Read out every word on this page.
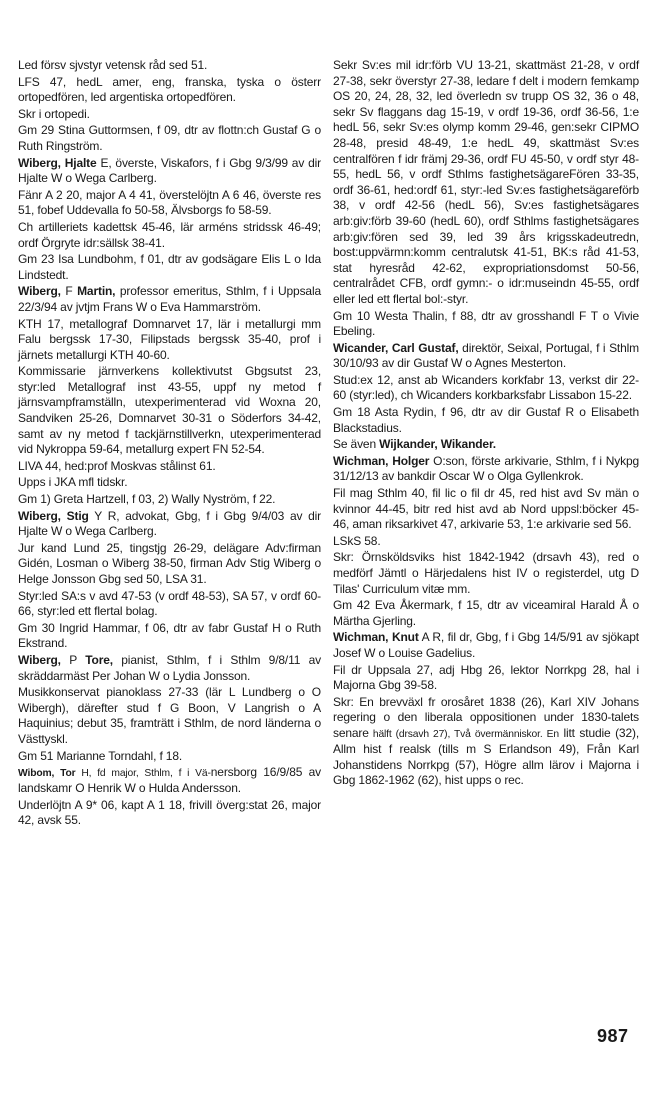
Led försv sjvstyr vetensk råd sed 51.

LFS 47, hedL amer, eng, franska, tyska o österr ortopedfören, led argentiska ortopedfören.

Skr i ortopedi.

Gm 29 Stina Guttormsen, f 09, dtr av flottn:ch Gustaf G o Ruth Ringström.

Wiberg, Hjalte E, överste, Viskafors, f i Gbg 9/3/99 av dir Hjalte W o Wega Carlberg.

Fänr A 2 20, major A 4 41, överstelöjtn A 6 46, överste res 51, fobef Uddevalla fo 50-58, Älvsborgs fo 58-59.

Ch artilleriets kadettsk 45-46, lär arméns stridssk 46-49; ordf Örgryte idr:sällsk 38-41.

Gm 23 Isa Lundbohm, f 01, dtr av godsägare Elis L o Ida Lindstedt.

Wiberg, F Martin, professor emeritus, Sthlm, f i Uppsala 22/3/94 av jvtjm Frans W o Eva Hammarström.

KTH 17, metallograf Domnarvet 17, lär i metallurgi mm Falu bergssk 17-30, Filipstads bergssk 35-40, prof i järnets metallurgi KTH 40-60.

Kommissarie järnverkens kollektivutst Gbgsutst 23, styr:led Metallograf inst 43-55, uppf ny metod f järnsvampframställn, utexperimenterad vid Woxna 20, Sandviken 25-26, Domnarvet 30-31 o Söderfors 34-42, samt av ny metod f tackjärnstillverkn, utexperimenterad vid Nykroppa 59-64, metallurg expert FN 52-54.

LIVA 44, hed:prof Moskvas stålinst 61.

Upps i JKA mfl tidskr.

Gm 1) Greta Hartzell, f 03, 2) Wally Nyström, f 22.

Wiberg, Stig Y R, advokat, Gbg, f i Gbg 9/4/03 av dir Hjalte W o Wega Carlberg.

Jur kand Lund 25, tingstjg 26-29, delägare Adv:firman Gidén, Losman o Wiberg 38-50, firman Adv Stig Wiberg o Helge Jonsson Gbg sed 50, LSA 31.

Styr:led SA:s v avd 47-53 (v ordf 48-53), SA 57, v ordf 60-66, styr:led ett flertal bolag.

Gm 30 Ingrid Hammar, f 06, dtr av fabr Gustaf H o Ruth Ekstrand.

Wiberg, P Tore, pianist, Sthlm, f i Sthlm 9/8/11 av skräddarmäst Per Johan W o Lydia Jonsson.

Musikkonservat pianoklass 27-33 (lär L Lundberg o O Wibergh), därefter stud f G Boon, V Langrish o A Haquinius; debut 35, framträtt i Sthlm, de nord länderna o Västtyskl.

Gm 51 Marianne Torndahl, f 18.

Wibom, Tor H, fd major, Sthlm, f i Vä-nersborg 16/9/85 av landskamr O Henrik W o Hulda Andersson.

Underlöjtn A 9* 06, kapt A 1 18, frivill överg:stat 26, major 42, avsk 55.

Sekr Sv:es mil idr:förb VU 13-21, skattmäst 21-28, v ordf 27-38, sekr överstyr 27-38, ledare f delt i modern femkamp OS 20, 24, 28, 32, led överledn sv trupp OS 32, 36 o 48, sekr Sv flaggans dag 15-19, v ordf 19-36, ordf 36-56, 1:e hedL 56, sekr Sv:es olymp komm 29-46, gen:sekr CIPMO 28-48, presid 48-49, 1:e hedL 49, skattmäst Sv:es centralfören f idr främj 29-36, ordf FU 45-50, v ordf styr 48-55, hedL 56, v ordf Sthlms fastighetsägareFören 33-35, ordf 36-61, hed:ordf 61, styr:-led Sv:es fastighetsägareförb 38, v ordf 42-56 (hedL 56), Sv:es fastighetsägares arb:giv:förb 39-60 (hedL 60), ordf Sthlms fastighetsägares arb:giv:fören sed 39, led 39 års krigsskadeutredn, bost:uppvärmn:komm centralutsk 41-51, BK:s råd 41-53, stat hyresråd 42-62, expropriationsdomst 50-56, centralrådet CFB, ordf gymn:- o idr:museindn 45-55, ordf eller led ett flertal bol:-styr.

Gm 10 Westa Thalin, f 88, dtr av grosshandl F T o Vivie Ebeling.

Wicander, Carl Gustaf, direktör, Seixal, Portugal, f i Sthlm 30/10/93 av dir Gustaf W o Agnes Mesterton.

Stud:ex 12, anst ab Wicanders korkfabr 13, verkst dir 22-60 (styr:led), ch Wicanders korkbarksfabr Lissabon 15-22.

Gm 18 Asta Rydin, f 96, dtr av dir Gustaf R o Elisabeth Blackstadius.

Se även Wijkander, Wikander.

Wichman, Holger O:son, förste arkivarie, Sthlm, f i Nykpg 31/12/13 av bankdir Oscar W o Olga Gyllenkrok.

Fil mag Sthlm 40, fil lic o fil dr 45, red hist avd Sv män o kvinnor 44-45, bitr red hist avd ab Nord uppsl:böcker 45-46, aman riksarkivet 47, arkivarie 53, 1:e arkivarie sed 56.

LSkS 58.

Skr: Örnsköldsviks hist 1842-1942 (drsavh 43), red o medförf Jämtl o Härjedalens hist IV o registerdel, utg D Tilas' Curriculum vitæ mm.

Gm 42 Eva Åkermark, f 15, dtr av viceamiral Harald Å o Märtha Gjerling.

Wichman, Knut A R, fil dr, Gbg, f i Gbg 14/5/91 av sjökapt Josef W o Louise Gadelius.

Fil dr Uppsala 27, adj Hbg 26, lektor Norrkpg 28, hal i Majorna Gbg 39-58.

Skr: En brevväxl fr orosåret 1838 (26), Karl XIV Johans regering o den liberala oppositionen under 1830-talets senare hälft (drsavh 27), Två övermänniskor. En litt studie (32), Allm hist f realsk (tills m S Erlandson 49), Från Karl Johanstidens Norrkpg (57), Högre allm lärov i Majorna i Gbg 1862-1962 (62), hist upps o rec.

987
